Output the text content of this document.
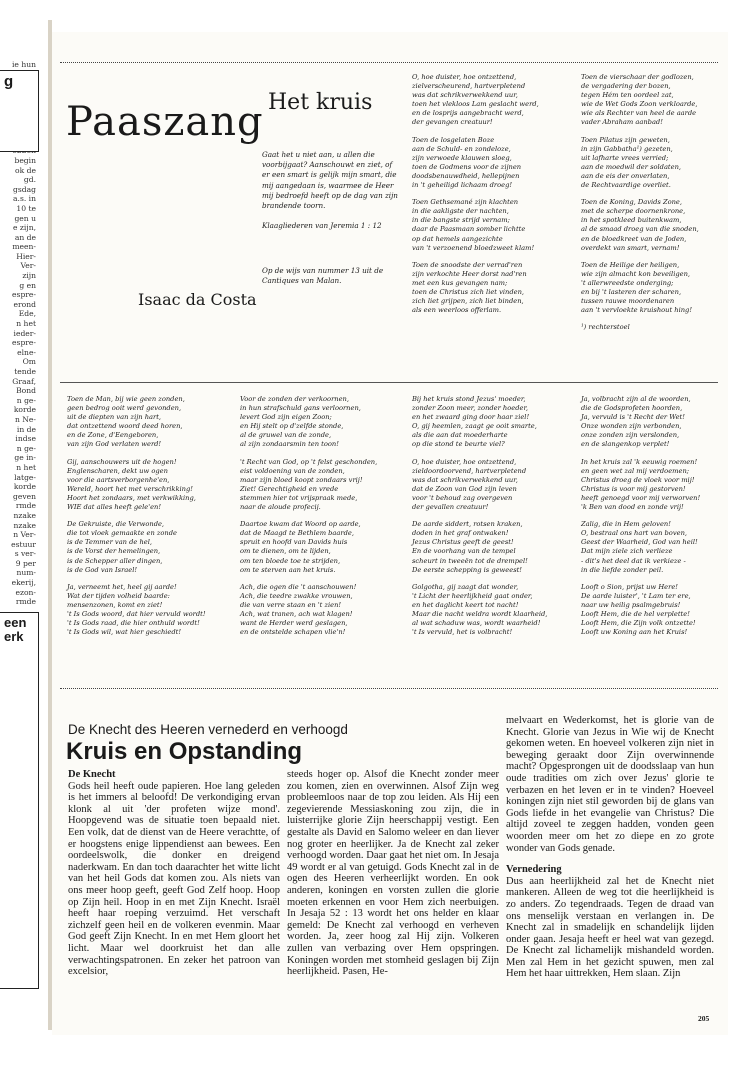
ie hun
begin
ok de
gd.
gsdag
a.s. in
10 te
gen u
e zijn,
an de
meen-
Hier-
Ver-
zijn
g en
espre-
erond
Ede,
n het
ieder-
espre-
elne-
Om
tende
Graaf,
Bond
n ge-
korde
n Ne-
in de
indse
n ge-
ge in-
n het
latge-
korde
geven
rmde
nzake
nzake
n Ver-
estuur
s ver-
9 per
num-
ekerij,
ezon-
rmde
g
een
erk
Paaszang Het kruis
Gaat het u niet aan, u allen die voorbijgaat? Aanschouwt en ziet, of er een smart is gelijk mijn smart, die mij aangedaan is, waarmee de Heer mij bedroefd heeft op de dag van zijn brandende toorn.
Klaagliederen van Jeremia 1 : 12
Op de wijs van nummer 13 uit de Cantiques van Malan.
Isaac da Costa
O, hoe duister, hoe ontzettend,
zielverscheurend, hartverpletend
was dat schrikverwekkend uur,
toen het vlekloos Lam geslacht werd,
en de losprijs aangebracht werd,
der gevangen creatuur!
Toen de losgelaten Boze
aan de Schuld- en zondeloze,
zijn verwoede klauwen sloeg,
toen de Godmens voor de zijnen
doodsbenauwdheid, hellepijnen
in 't geheiligd lichaam droeg!
Toen Gethsemané zijn klachten
in die aakligste der nachten,
in die bangste strijd vernam;
daar de Paasmaan somber lichtte
op dat hemels aangezichte
van 't verzoenend bloedzweet klam!
Toen de snoodste der verrad'ren
zijn verkochte Heer dorst nad'ren
met een kus gevangen nam;
toen de Christus zich liet vinden,
zich liet grijpen, zich liet binden,
als een weerloos offerlam.
Toen de vierschaar der godlozen,
de vergadering der bozen,
tegen Hém ten oordeel zat,
wie de Wet Gods Zoon verkloarde,
wie als Rechter van heel de aarde
vader Abraham aanbad!
Toen Pilatus zijn geweten,
in zijn Gabbatha¹) gezeten,
uit lafharte vrees verried;
aan de moedwil der soldaten,
aan de eis der onverlaten,
de Rechtvaardige overliet.
Toen de Koning, Davids Zone,
met de scherpe doornenkrone,
in het spotkleed buitenkwam,
al de smaad droeg van die snoden,
en de bloedkreet van de Joden,
overdekt van smart, vernam!
Toen de Heilige der heiligen,
wie zijn almacht kon beveiligen,
't allerwreedste onderging;
en bij 't lasteren der scharen,
tussen rauwe moordenaren
aan 't vervloekte kruishout hing!
¹) rechterstoel
Toen de Man, bij wie geen zonden,
geen bedrog ooit werd gevonden,
uit de diepten van zijn hart,
dat ontzettend woord deed horen,
en de Zone, d'Eengeboren,
van zijn God verlaten werd!
Gij, aanschouwers uit de hogen!
Englenscharen, dekt uw ogen
voor die aartsverborgenhe'en,
Wereld, hoort het met verschrikking!
Hoort het zondaars, met verkwikking,
WIE dat alles heeft gele'en!
De Gekruiste, die Verwonde,
die tot vloek gemaakte en zonde
is de Temmer van de hel,
is de Vorst der hemelingen,
is de Schepper aller dingen,
is de God van Israel!
Ja, verneemt het, heel gij aarde!
Wat der tijden volheid baarde:
mensenzonen, komt en ziet!
't Is Gods woord, dat hier vervuld wordt!
't Is Gods raad, die hier onthuld wordt!
't Is Gods wil, wat hier geschiedt!
Voor de zonden der verkoornen,
in hun strafschuld gans verloornen,
levert God zijn eigen Zoon;
en Hij stelt op d'zelfde stonde,
al de gruwel van de zonde,
al zijn zondaarsmin ten toon!
't Recht van God, op 't felst geschonden,
eist voldoening van de zonden,
maar zijn bloed koopt zondaars vrij!
Ziet! Gerechtigheid en vrede
stemmen hier tot vrijspraak mede,
naar de aloude profecij.
Daartoe kwam dat Woord op aarde,
dat de Maagd te Bethlem baarde,
spruit en hoofd van Davids huis
om te dienen, om te lijden,
om ten bloede toe te strijden,
om te sterven aan het kruis.
Ach, die ogen die 't aanschouwen!
Ach, die teedre zwakke vrouwen,
die van verre staan en 't zien!
Ach, wat tranen, ach wat klagen!
want de Herder werd geslagen,
en de ontstelde schapen vlie'n!
Bij het kruis stond Jezus' moeder,
zonder Zoon meer, zonder hoeder,
en het zwaard ging door haar ziel!
O, gij heemlen, zaagt ge ooit smarte,
als die aan dat moederharte
op die stond te beurte viel?
O, hoe duister, hoe ontzettend,
zieldoordoorvend, hartverpletend
was dat schrikverwekkend uur,
dat de Zoon van God zijn leven
voor 't behoud zag overgeven
der gevallen creatuur!
De aarde siddert, rotsen kraken,
doden in het graf ontwaken!
Jezus Christus geeft de geest!
En de voorhang van de tempel
scheurt in tweeën tot de drempel!
De eerste schepping is geweest!
Golgotha, gij zaagt dat wonder,
't Licht der heerlijkheid gaat onder,
en het daglicht keert tot nacht!
Maar die nacht weldra wordt klaarheid,
al wat schaduw was, wordt waarheid!
't Is vervuld, het is volbracht!
Ja, volbracht zijn al de woorden,
die de Godsprofeten hoorden,
Ja, vervuld is 't Recht der Wet!
Onze wonden zijn verbonden,
onze zonden zijn verslonden,
en de slangenkop verplet!
In het kruis zal 'k eeuwig roemen!
en geen wet zal mij verdoemen;
Christus droeg de vloek voor mij!
Christus is voor mij gestorven!
heeft genoegd voor mij verworven!
'k Ben van dood en zonde vrij!
Zalig, die in Hem geloven!
O, bestraal ons hart van boven,
Geest der Waarheid, God van heil!
Dat mijn ziele zich verlieze
- dit's het deel dat ik verkieze -
in die liefde zonder peil.
Looft o Sion, prijst uw Here!
De aarde luister', 't Lam ter ere,
naar uw heilig psalmgebruis!
Looft Hem, die de hel verplette!
Looft Hem, die Zijn volk ontzette!
Looft uw Koning aan het Kruis!
De Knecht des Heeren vernederd en verhoogd
Kruis en Opstanding
De Knecht

Gods heil heeft oude papieren. Hoe lang geleden is het immers al beloofd! De verkondiging ervan klonk al uit 'der profeten wijze mond'. Hoopgevend was de situatie toen bepaald niet. Een volk, dat de dienst van de Heere verachtte, of er hoogstens enige lippendienst aan bewees. Een oordeelswolk, die donker en dreigend naderkwam. En dan toch daarachter het witte licht van het heil Gods dat komen zou. Als niets van ons meer hoop geeft, geeft God Zelf hoop. Hoop op Zijn heil. Hoop in en met Zijn Knecht. Israël heeft haar roeping verzuimd. Het verschaft zichzelf geen heil en de volkeren evenmin. Maar God geeft Zijn Knecht. In en met Hem gloort het licht. Maar wel doorkruist het dan alle verwachtingspatronen. En zeker het patroon van excelsior,

steeds hoger op. Alsof die Knecht zonder meer zou komen, zien en overwinnen. Alsof Zijn weg probleemloos naar de top zou leiden. Als Hij een zegevierende Messiaskoning zou zijn, die in luisterrijke glorie Zijn heerschappij vestigt. Een gestalte als David en Salomo weleer en dan liever nog groter en heerlijker. Ja de Knecht zal zeker verhoogd worden. Daar gaat het niet om. In Jesaja 49 wordt er al van getuigd. Gods Knecht zal in de ogen des Heeren verheerlijkt worden. En ook anderen, koningen en vorsten zullen die glorie moeten erkennen en voor Hem zich neerbuigen. In Jesaja 52 : 13 wordt het ons helder en klaar gemeld: De Knecht zal verhoogd en verheven worden. Ja, zeer hoog zal Hij zijn. Volkeren zullen van verbazing over Hem opspringen. Koningen worden met stomheid geslagen bij Zijn heerlijkheid. Pasen, He-

melvaart en Wederkomst, het is glorie van de Knecht. Glorie van Jezus in Wie wij de Knecht gekomen weten. En hoeveel volkeren zijn niet in beweging geraakt door Zijn overwinnende macht? Opgesprongen uit de doodsslaap van hun oude tradities om zich over Jezus' glorie te verbazen en het leven er in te vinden? Hoeveel koningen zijn niet stil geworden bij de glans van Gods liefde in het evangelie van Christus? Die altijd zoveel te zeggen hadden, vonden geen woorden meer om het zo diepe en zo grote wonder van Gods genade.

Vernedering

Dus aan heerlijkheid zal het de Knecht niet mankeren. Alleen de weg tot die heerlijkheid is zo anders. Zo tegendraads. Tegen de draad van ons menselijk verstaan en verlangen in. De Knecht zal in smadelijk en schandelijk lijden onder gaan. Jesaja heeft er heel wat van gezegd. De Knecht zal lichamelijk mishandeld worden. Men zal Hem in het gezicht spuwen, men zal Hem het haar uittrekken, Hem slaan. Zijn

205
